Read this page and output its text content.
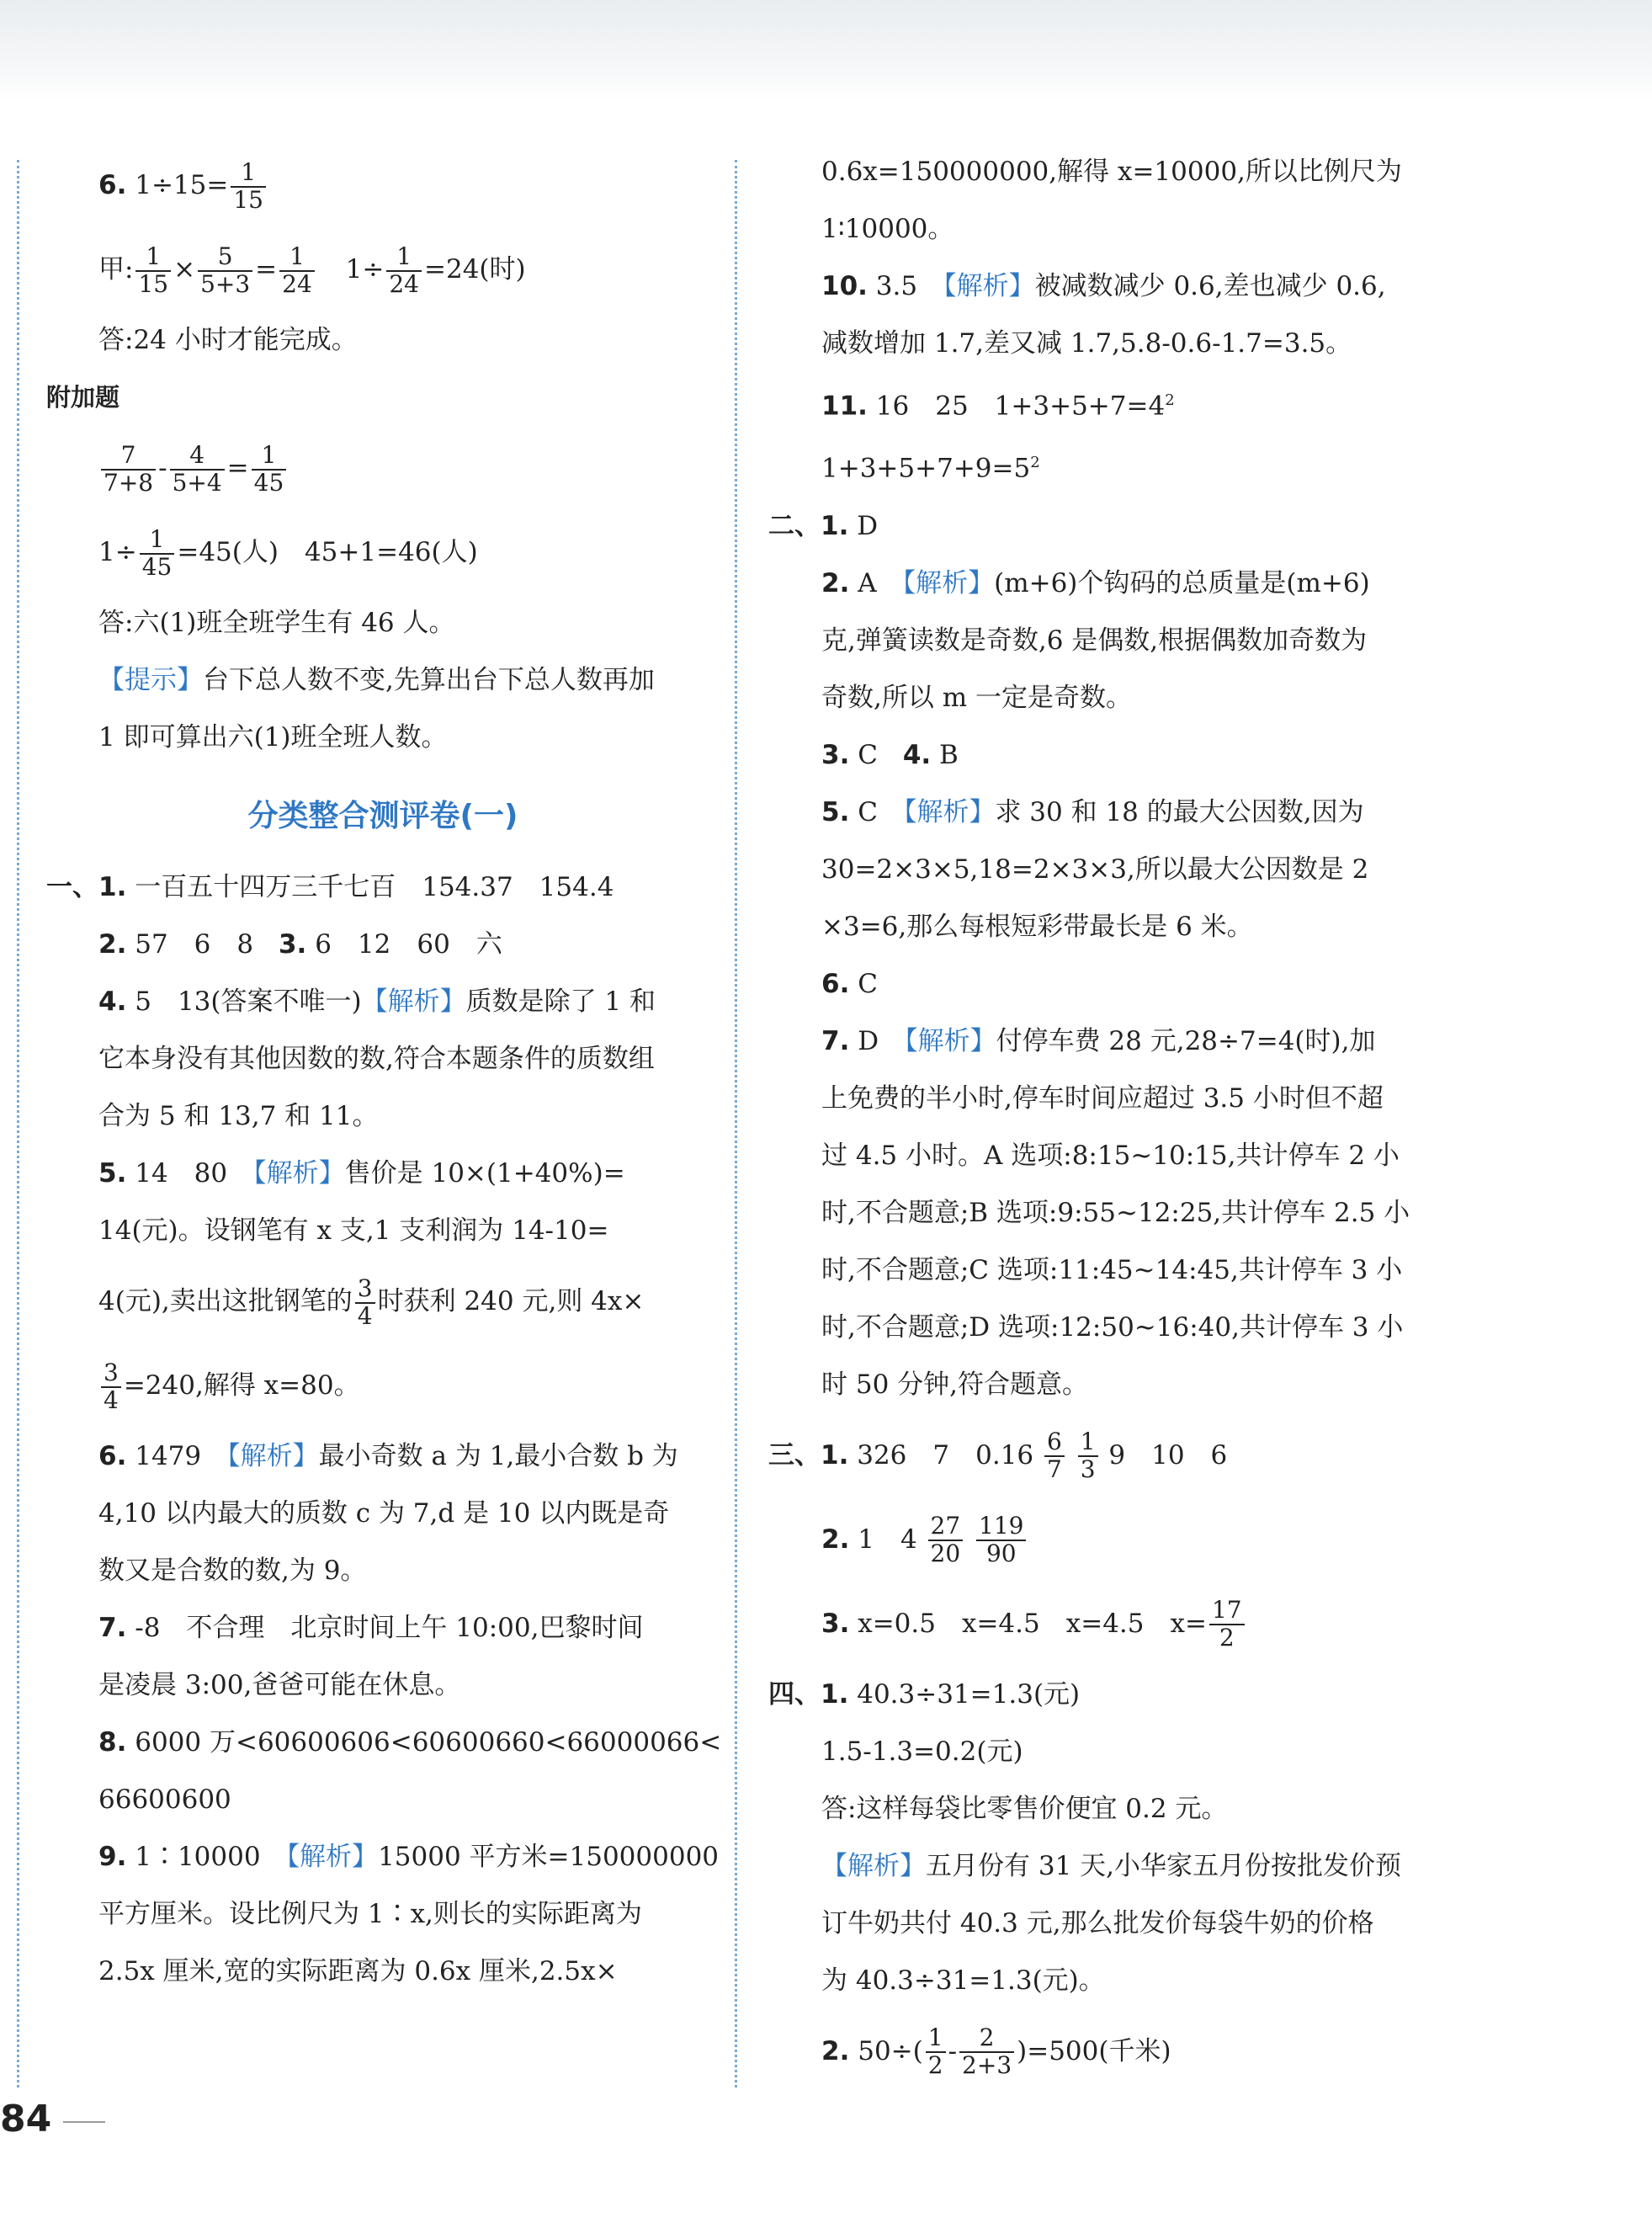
6. $1\div 15= \frac{1}{15}$
甲: $\frac{1}{15} \times \frac{5}{5+3} = \frac{1}{24} 1\div \frac{1}{24} =24$(时)
答:24 小时才能完成。
附加题
$\frac{7}{7+8} - \frac{4}{5+4} = \frac{1}{45}$
$1\div \frac{1}{45} =45$(人)　45+1=46(人)
答:六(1)班全班学生有 46 人。
【提示】台下总人数不变,先算出台下总人数再加
1 即可算出六(1)班全班人数。
分类整合测评卷(一)
一、1. 一百五十四万三千七百　154.37　154.4
2. 57　6　8 3. 6　12　60　六
4. 5　13(答案不唯一)【解析】质数是除了 1 和
它本身没有其他因数的数,符合本题条件的质数组
合为 5 和 13,7 和 11。
5. 14　80　 【解析】售价是 10×(1+40%)=
14(元)。设钢笔有 x 支,1 支利润为 14-10=
4(元),卖出这批钢笔的 $\frac{3}{4}$ 时获利 240 元,则 4x×
$\frac{3}{4} =240$,解得 x=80。
6. 1479　 【解析】最小奇数 a 为 1,最小合数 b 为
4,10 以内最大的质数 c 为 7,d 是 10 以内既是奇
数又是合数的数,为 9。
7. -8　不合理　北京时间上午 10:00,巴黎时间
是凌晨 3:00,爸爸可能在休息。
8. 6000 万<60600606<60600660<66000066<
66600600
9. 1∶10000　 【解析】15000 平方米=150000000
平方厘米。设比例尺为 1∶x,则长的实际距离为
2.5x 厘米,宽的实际距离为 0.6x 厘米,2.5x×
0.6x=150000000,解得 x=10000,所以比例尺为
1∶10000。
10. 3.5　 【解析】被减数减少 0.6,差也减少 0.6,
减数增加 1.7,差又减 1.7,5.8-0.6-1.7=3.5。
11. 16　25　$1+3+5+7=4^2$
$1+3+5+7+9=5^2$
二、1. D
2. A　 【解析】(m+6)个钩码的总质量是(m+6)
克,弹簧读数是奇数,6 是偶数,根据偶数加奇数为
奇数,所以 m 一定是奇数。
3. C 4. B
5. C　 【解析】求 30 和 18 的最大公因数,因为
30=2×3×5,18=2×3×3,所以最大公因数是 2
×3=6,那么每根短彩带最长是 6 米。
6. C
7. D　 【解析】付停车费 28 元,28÷7=4(时),加
上免费的半小时,停车时间应超过 3.5 小时但不超
过 4.5 小时。A 选项:8:15~10:15,共计停车 2 小
时,不合题意;B 选项:9:55~12:25,共计停车 2.5 小
时,不合题意;C 选项:11:45~14:45,共计停车 3 小
时,不合题意;D 选项:12:50~16:40,共计停车 3 小
时 50 分钟,符合题意。
三、1. 326　7　$0.16 \frac{6}{7}$
$\frac{1}{3} 9$　10　6
2. 1　$4 \frac{27}{20}$
$\frac{119}{90}$
3. x=0.5　x=4.5　x=4.5　$x= \frac{17}{2}$
四、1. 40.3÷31=1.3(元)
1.5-1.3=0.2(元)
答:这样每袋比零售价便宜 0.2 元。
【解析】五月份有 31 天,小华家五月份按批发价预
订牛奶共付 40.3 元,那么批发价每袋牛奶的价格
为 40.3÷31=1.3(元)。
2. $50\div( \frac{1}{2} - \frac{2}{2+3} )=500$(千米)
84
